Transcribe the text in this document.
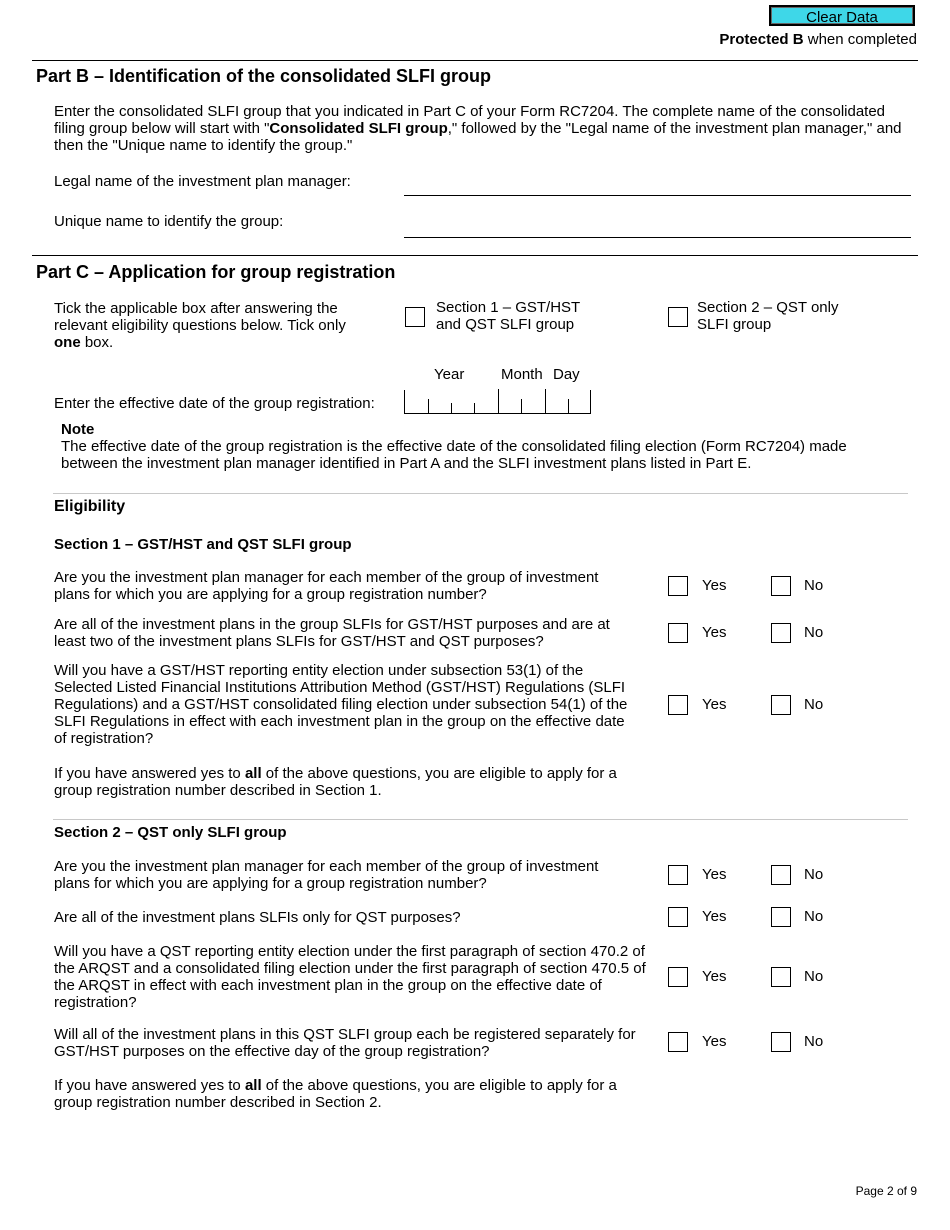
Clear Data
Protected B when completed
Part B – Identification of the consolidated SLFI group

Enter the consolidated SLFI group that you indicated in Part C of your Form RC7204. The complete name of the consolidated filing group below will start with "Consolidated SLFI group," followed by the "Legal name of the investment plan manager," and then the "Unique name to identify the group."

Legal name of the investment plan manager:
Unique name to identify the group:
Part C – Application for group registration

Tick the applicable box after answering the relevant eligibility questions below. Tick only one box.

Section 1 – GST/HST and QST SLFI group
Section 2 – QST only SLFI group
Year Month Day
Enter the effective date of the group registration:
Note

The effective date of the group registration is the effective date of the consolidated filing election (Form RC7204) made between the investment plan manager identified in Part A and the SLFI investment plans listed in Part E.

Eligibility
Section 1 – GST/HST and QST SLFI group

Are you the investment plan manager for each member of the group of investment plans for which you are applying for a group registration number?

Yes	No

Are all of the investment plans in the group SLFIs for GST/HST purposes and are at least two of the investment plans SLFIs for GST/HST and QST purposes?

Yes	No

Will you have a GST/HST reporting entity election under subsection 53(1) of the Selected Listed Financial Institutions Attribution Method (GST/HST) Regulations (SLFI Regulations) and a GST/HST consolidated filing election under subsection 54(1) of the SLFI Regulations in effect with each investment plan in the group on the effective date of registration?

Yes	No

If you have answered yes to all of the above questions, you are eligible to apply for a group registration number described in Section 1.

Section 2 – QST only SLFI group

Are you the investment plan manager for each member of the group of investment plans for which you are applying for a group registration number?

Yes	No

Are all of the investment plans SLFIs only for QST purposes?	Yes	No

Will you have a QST reporting entity election under the first paragraph of section 470.2 of the ARQST and a consolidated filing election under the first paragraph of section 470.5 of the ARQST in effect with each investment plan in the group on the effective date of registration?

Yes	No

Will all of the investment plans in this QST SLFI group each be registered separately for GST/HST purposes on the effective day of the group registration?

Yes	No

If you have answered yes to all of the above questions, you are eligible to apply for a group registration number described in Section 2.

Page 2 of 9
